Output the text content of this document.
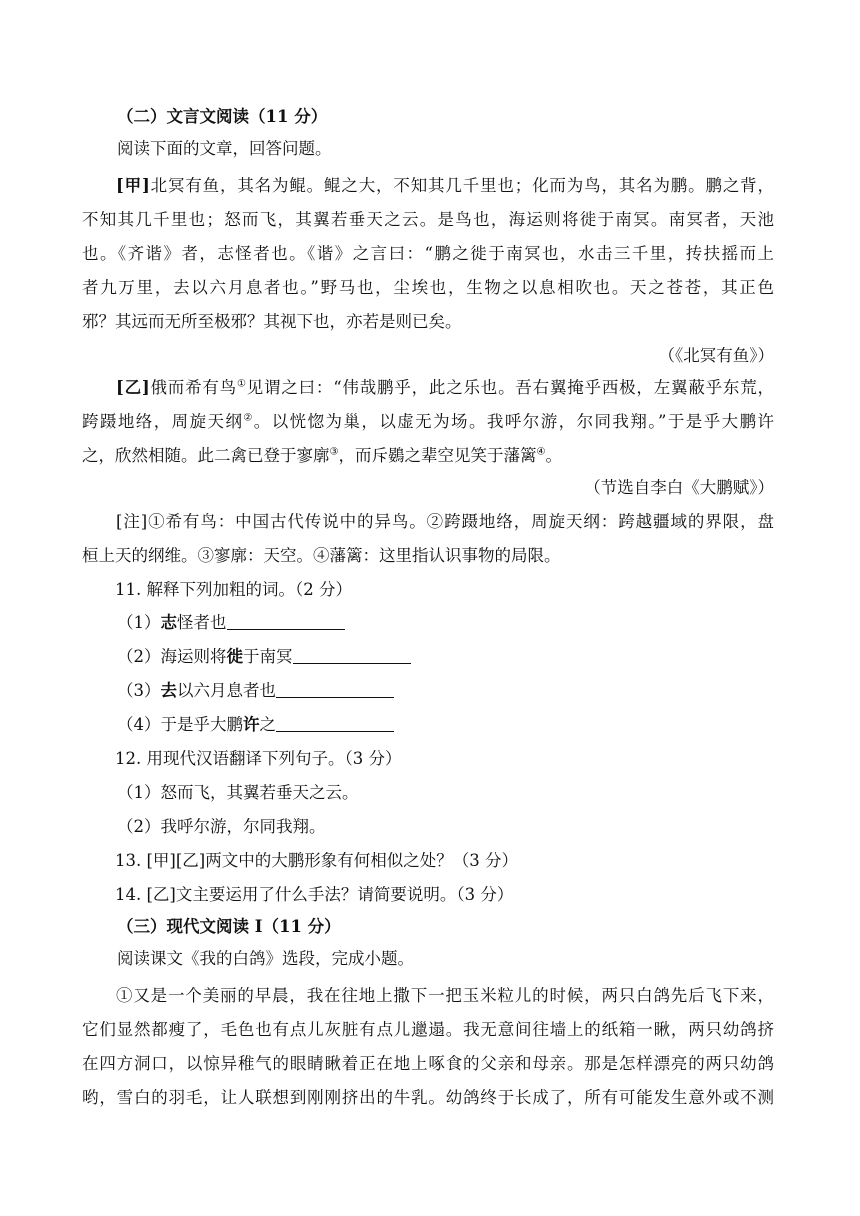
（二）文言文阅读（11 分）
阅读下面的文章，回答问题。
[甲]北冥有鱼，其名为鲲。鲲之大，不知其几千里也；化而为鸟，其名为鹏。鹏之背，
不知其几千里也；怒而飞，其翼若垂天之云。是鸟也，海运则将徙于南冥。南冥者，天池
也。《齐谐》者，志怪者也。《谐》之言曰：“鹏之徙于南冥也，水击三千里，抟扶摇而上
者九万里，去以六月息者也。”野马也，尘埃也，生物之以息相吹也。天之苍苍，其正色
邪？其远而无所至极邪？其视下也，亦若是则已矣。
（《北冥有鱼》）
[乙]俄而希有鸟①见谓之曰：“伟哉鹏乎，此之乐也。吾右翼掩乎西极，左翼蔽乎东荒，
跨蹑地络，周旋天纲②。以恍惚为巢，以虚无为场。我呼尔游，尔同我翔。”于是乎大鹏许
之，欣然相随。此二禽已登于寥廓③，而斥鷃之辈空见笑于藩篱④。
（节选自李白《大鹏赋》）
[注]①希有鸟：中国古代传说中的异鸟。②跨蹑地络，周旋天纲：跨越疆域的界限，盘
桓上天的纲维。③寥廓：天空。④藩篱：这里指认识事物的局限。
11. 解释下列加粗的词。（2 分）
（1）志怪者也
（2）海运则将徙于南冥
（3）去以六月息者也
（4）于是乎大鹏许之
12. 用现代汉语翻译下列句子。（3 分）
（1）怒而飞，其翼若垂天之云。
（2）我呼尔游，尔同我翔。
13. [甲][乙]两文中的大鹏形象有何相似之处？（3 分）
14. [乙]文主要运用了什么手法？请简要说明。（3 分）
（三）现代文阅读 I（11 分）
阅读课文《我的白鸽》选段，完成小题。
①又是一个美丽的早晨，我在往地上撒下一把玉米粒儿的时候，两只白鸽先后飞下来，
它们显然都瘦了，毛色也有点儿灰脏有点儿邋遢。我无意间往墙上的纸箱一瞅，两只幼鸽挤
在四方洞口，以惊异稚气的眼睛瞅着正在地上啄食的父亲和母亲。那是怎样漂亮的两只幼鸽
哟，雪白的羽毛，让人联想到刚刚挤出的牛乳。幼鸽终于长成了，所有可能发生意外或不测
